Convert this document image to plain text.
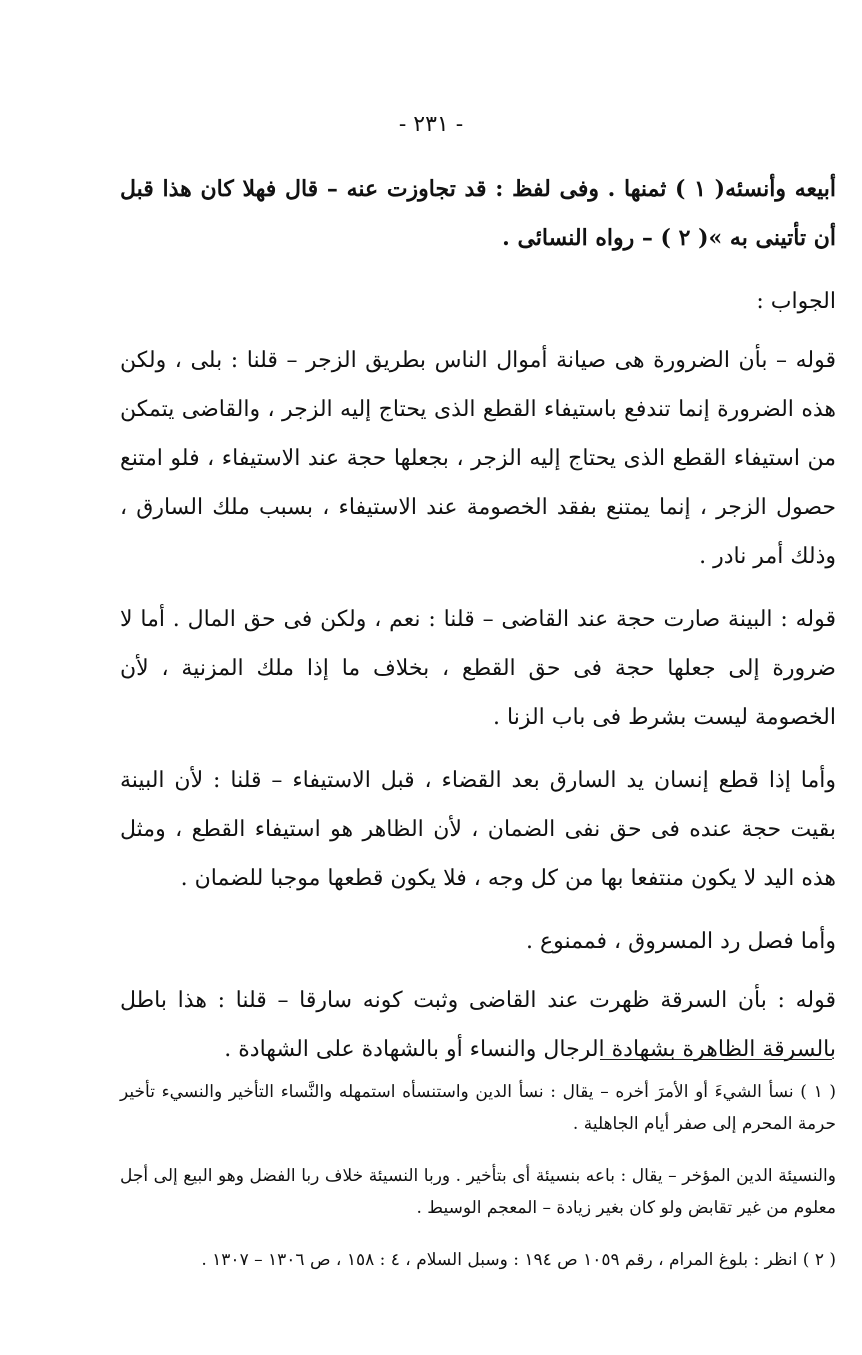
- ٢٣١ -

أبيعه وأنسئه( ١ ) ثمنها . وفى لفظ : قد تجاوزت عنه – قال فهلا كان هذا قبل أن تأتينى به »( ٢ ) – رواه النسائى .

الجواب :

قوله – بأن الضرورة هى صيانة أموال الناس بطريق الزجر – قلنا : بلى ، ولكن هذه الضرورة إنما تندفع باستيفاء القطع الذى يحتاج إليه الزجر ، والقاضى يتمكن من استيفاء القطع الذى يحتاج إليه الزجر ، بجعلها حجة عند الاستيفاء ، فلو امتنع حصول الزجر ، إنما يمتنع بفقد الخصومة عند الاستيفاء ، بسبب ملك السارق ، وذلك أمر نادر .

قوله : البينة صارت حجة عند القاضى – قلنا : نعم ، ولكن فى حق المال . أما لا ضرورة إلى جعلها حجة فى حق القطع ، بخلاف ما إذا ملك المزنية ، لأن الخصومة ليست بشرط فى باب الزنا .

وأما إذا قطع إنسان يد السارق بعد القضاء ، قبل الاستيفاء – قلنا : لأن البينة بقيت حجة عنده فى حق نفى الضمان ، لأن الظاهر هو استيفاء القطع ، ومثل هذه اليد لا يكون منتفعا بها من كل وجه ، فلا يكون قطعها موجبا للضمان .

وأما فصل رد المسروق ، فممنوع .

قوله : بأن السرقة ظهرت عند القاضى وثبت كونه سارقا – قلنا : هذا باطل بالسرقة الظاهرة بشهادة الرجال والنساء أو بالشهادة على الشهادة .

( ١ ) نسأ الشيءَ أو الأمرَ أخره – يقال : نسأ الدين واستنسأه استمهله والنَّساء التأخير والنسيء تأخير حرمة المحرم إلى صفر أيام الجاهلية .

والنسيئة الدين المؤخر – يقال : باعه بنسيئة أى بتأخير . وربا النسيئة خلاف ربا الفضل وهو البيع إلى أجل معلوم من غير تقابض ولو كان بغير زيادة – المعجم الوسيط .

( ٢ ) انظر : بلوغ المرام ، رقم ١٠٥٩ ص ١٩٤ : وسبل السلام ، ٤ : ١٥٨ ، ص ١٣٠٦ – ١٣٠٧ .
